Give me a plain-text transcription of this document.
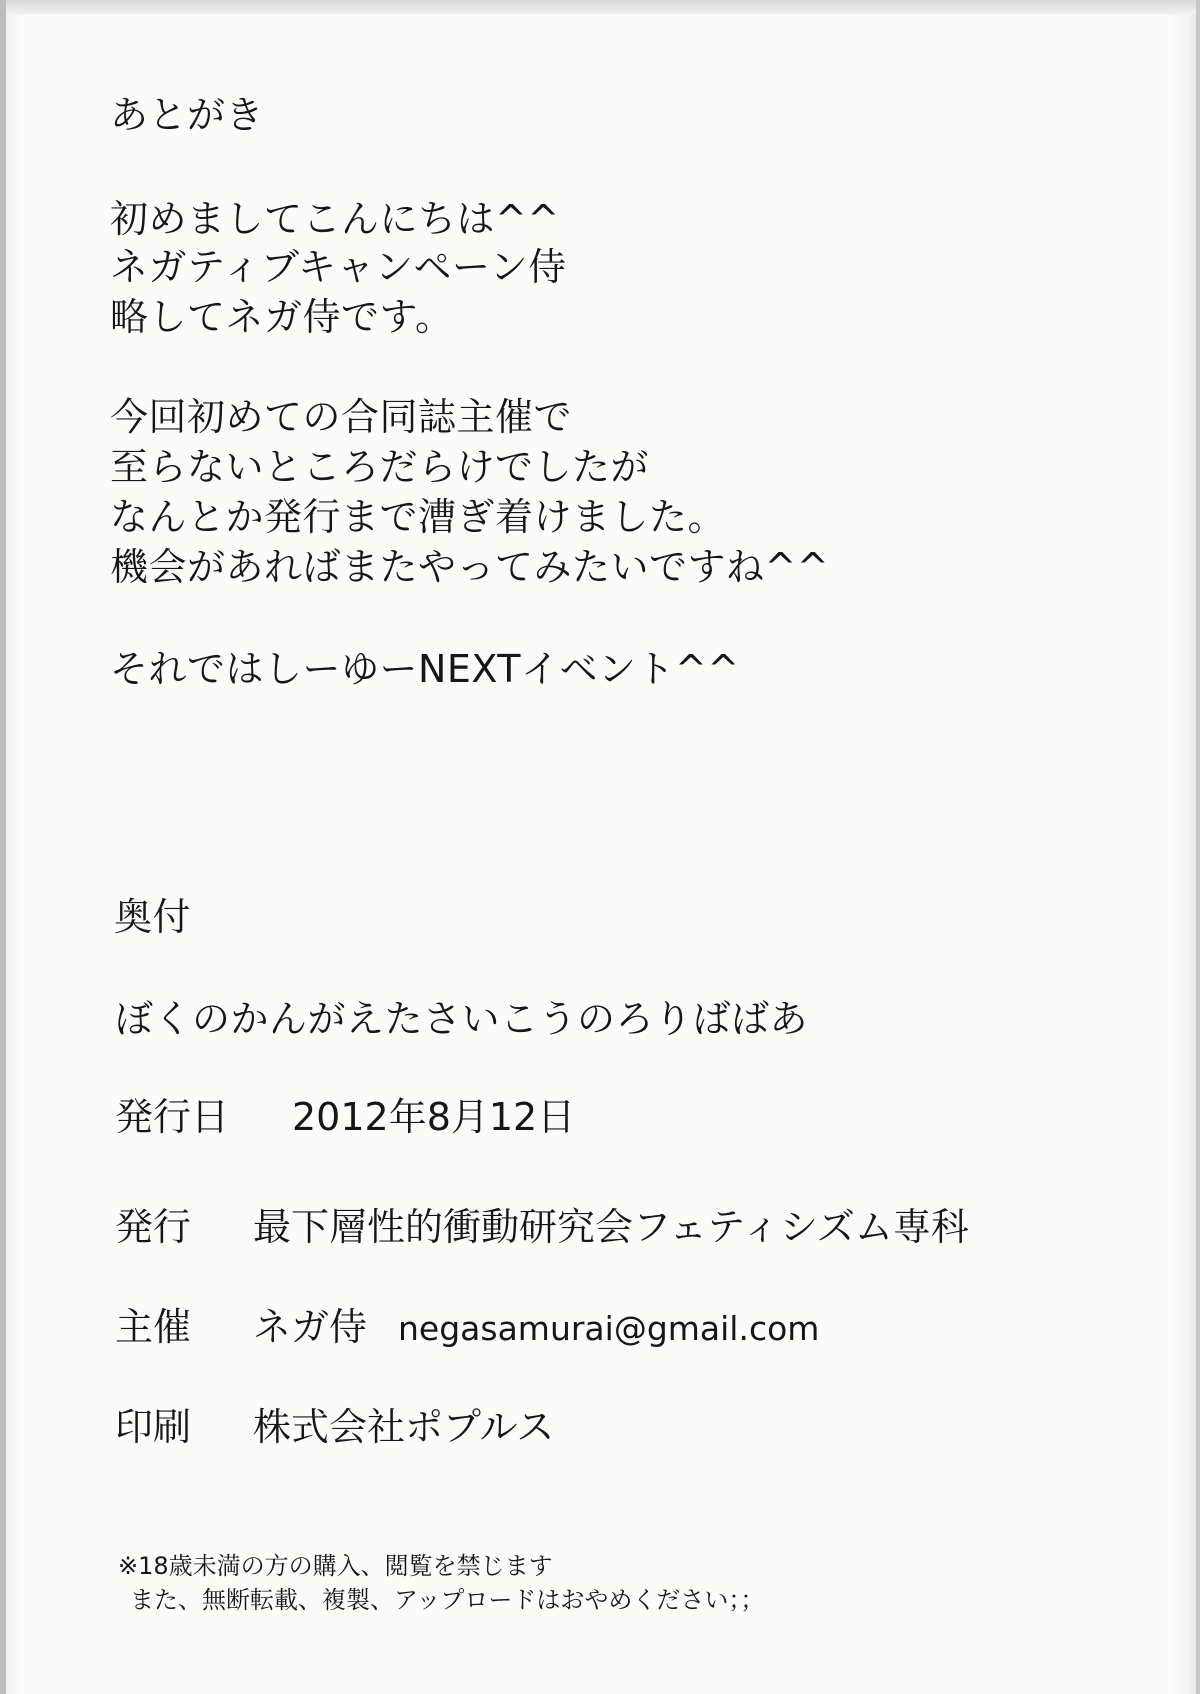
あとがき
初めましてこんにちは^^
ネガティブキャンペーン侍
略してネガ侍です。
今回初めての合同誌主催で
至らないところだらけでしたが
なんとか発行まで漕ぎ着けました。
機会があればまたやってみたいですね^^
それではしーゆーNEXTイベント^^
奥付
ぼくのかんがえたさいこうのろりばばあ
発行日 2012年8月12日
発行 最下層性的衝動研究会フェティシズム専科
主催 ネガ侍 negasamurai@gmail.com
印刷 株式会社ポプルス
※18歳未満の方の購入、閲覧を禁じます
また、無断転載、複製、アップロードはおやめください；；
